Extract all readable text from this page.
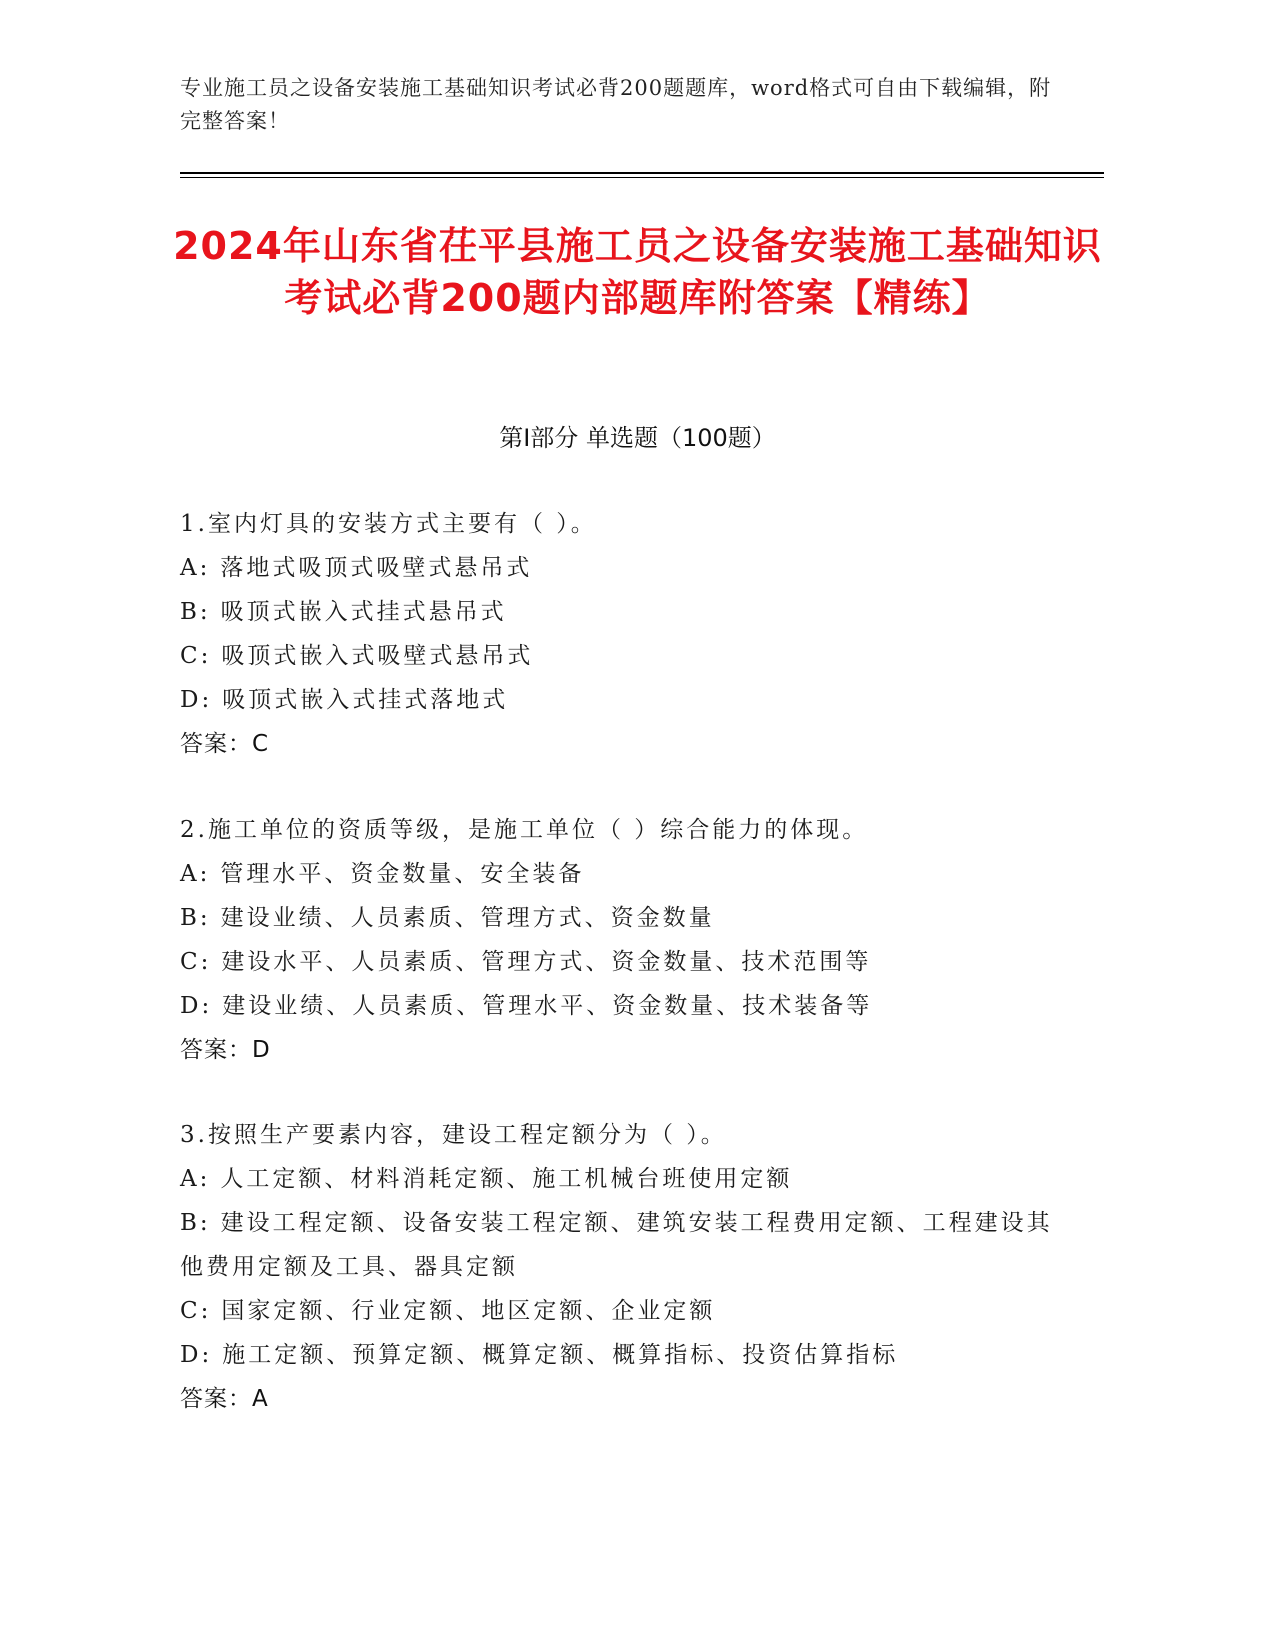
专业施工员之设备安装施工基础知识考试必背200题题库，word格式可自由下载编辑，附完整答案！
2024年山东省茌平县施工员之设备安装施工基础知识考试必背200题内部题库附答案【精练】
第I部分 单选题（100题）
1.室内灯具的安装方式主要有（ ）。
A: 落地式吸顶式吸壁式悬吊式
B: 吸顶式嵌入式挂式悬吊式
C: 吸顶式嵌入式吸壁式悬吊式
D: 吸顶式嵌入式挂式落地式
答案：C
2.施工单位的资质等级，是施工单位（ ）综合能力的体现。
A: 管理水平、资金数量、安全装备
B: 建设业绩、人员素质、管理方式、资金数量
C: 建设水平、人员素质、管理方式、资金数量、技术范围等
D: 建设业绩、人员素质、管理水平、资金数量、技术装备等
答案：D
3.按照生产要素内容，建设工程定额分为（ ）。
A: 人工定额、材料消耗定额、施工机械台班使用定额
B: 建设工程定额、设备安装工程定额、建筑安装工程费用定额、工程建设其他费用定额及工具、器具定额
C: 国家定额、行业定额、地区定额、企业定额
D: 施工定额、预算定额、概算定额、概算指标、投资估算指标
答案：A
